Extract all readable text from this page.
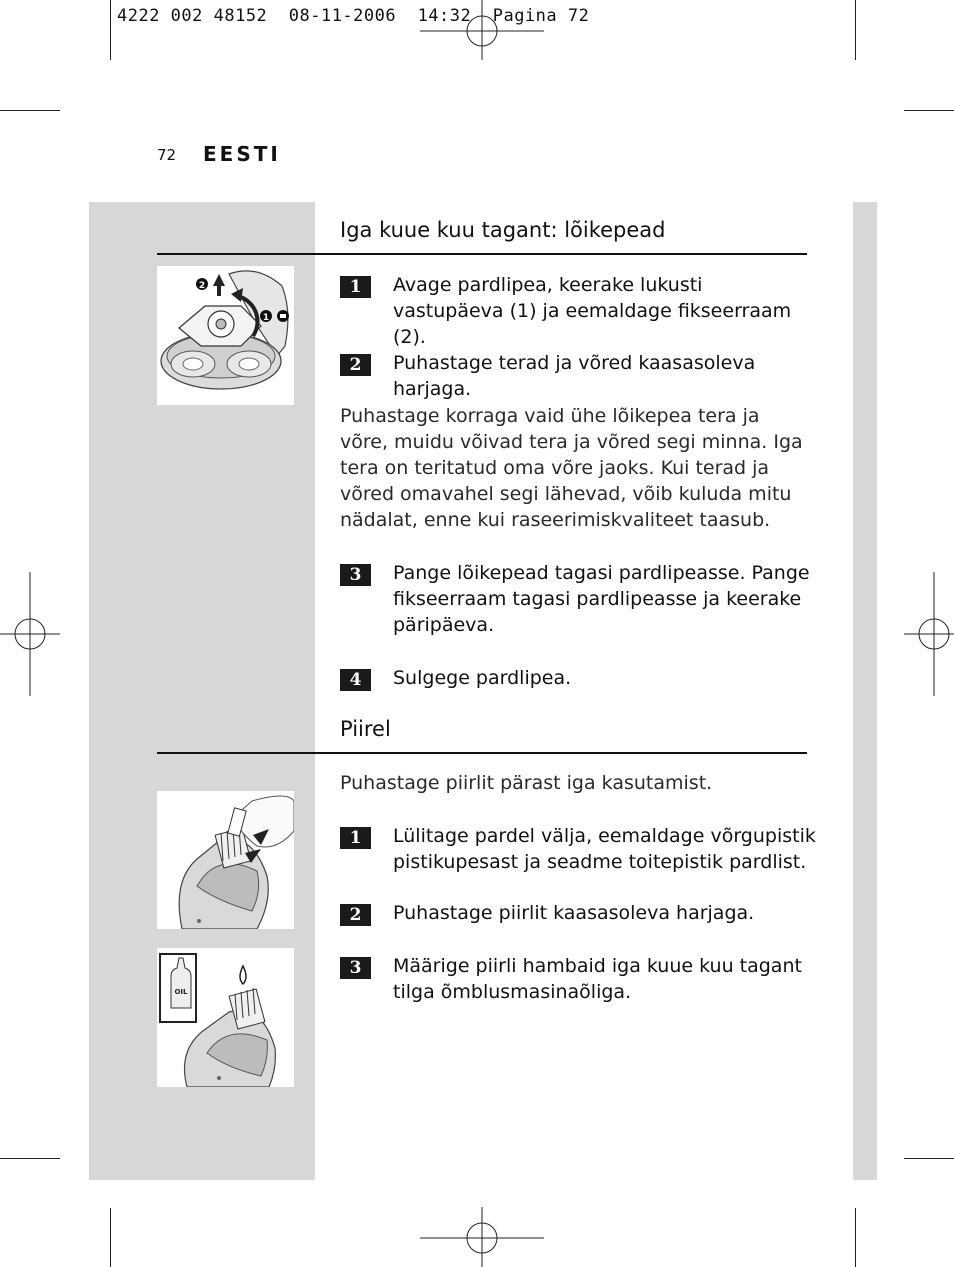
4222 002 48152  08-11-2006  14:32  Pagina 72
72 EESTI
Iga kuue kuu tagant: lõikepead
2
1
1	Avage pardlipea, keerake lukusti vastupäeva (1) ja eemaldage fikseerraam (2).
2	Puhastage terad ja võred kaasasoleva harjaga.
Puhastage korraga vaid ühe lõikepea tera ja võre, muidu võivad tera ja võred segi minna. Iga tera on teritatud oma võre jaoks. Kui terad ja võred omavahel segi lähevad, võib kuluda mitu nädalat, enne kui raseerimiskvaliteet taasub.
3	Pange lõikepead tagasi pardlipeasse. Pange fikseerraam tagasi pardlipeasse ja keerake päripäeva.
4	Sulgege pardlipea.
Piirel
Puhastage piirlit pärast iga kasutamist.
OIL
1	Lülitage pardel välja, eemaldage võrgupistik pistikupesast ja seadme toitepistik pardlist.
2	Puhastage piirlit kaasasoleva harjaga.
3	Määrige piirli hambaid iga kuue kuu tagant tilga õmblusmasinaõliga.
